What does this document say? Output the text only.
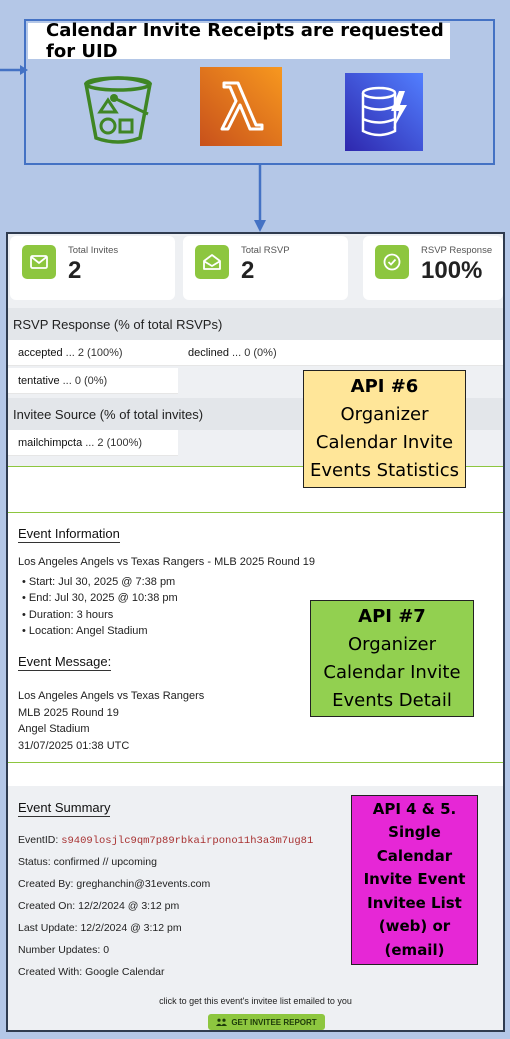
Calendar Invite Receipts are requested for UID
Total Invites
2
Total RSVP
2
RSVP Response
100%
RSVP Response (% of total RSVPs)
accepted ... 2 (100%)	declined ... 0 (0%)
tentative ... 0 (0%)
Invitee Source (% of total invites)
mailchimpcta ... 2 (100%)
Event Information
Los Angeles Angels vs Texas Rangers - MLB 2025 Round 19
• Start: Jul 30, 2025 @ 7:38 pm
• End: Jul 30, 2025 @ 10:38 pm
• Duration: 3 hours
• Location: Angel Stadium
Event Message:
Los Angeles Angels vs Texas Rangers
MLB 2025 Round 19
Angel Stadium
31/07/2025 01:38 UTC
Event Summary
EventID: s9409losjlc9qm7p89rbkairpono11h3a3m7ug81
Status: confirmed // upcoming
Created By: greghanchin@31events.com
Created On: 12/2/2024 @ 3:12 pm
Last Update: 12/2/2024 @ 3:12 pm
Number Updates: 0
Created With: Google Calendar
click to get this event's invitee list emailed to you
GET INVITEE REPORT
API #6
Organizer
Calendar Invite
Events Statistics
API #7
Organizer
Calendar Invite
Events Detail
API 4 & 5.
Single
Calendar
Invite Event
Invitee List
(web) or
(email)
